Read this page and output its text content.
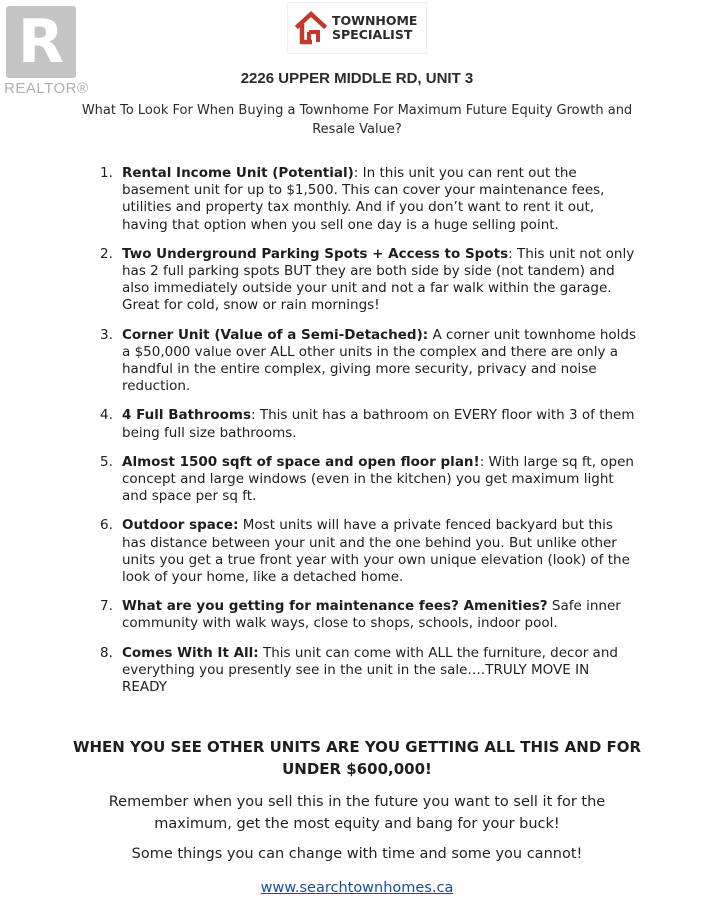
R
REALTOR®
TOWNHOME
SPECIALIST
2226 UPPER MIDDLE RD, UNIT 3
What To Look For When Buying a Townhome For Maximum Future Equity Growth and Resale Value?
1. Rental Income Unit (Potential): In this unit you can rent out the basement unit for up to $1,500. This can cover your maintenance fees, utilities and property tax monthly. And if you don’t want to rent it out, having that option when you sell one day is a huge selling point.
2. Two Underground Parking Spots + Access to Spots: This unit not only has 2 full parking spots BUT they are both side by side (not tandem) and also immediately outside your unit and not a far walk within the garage. Great for cold, snow or rain mornings!
3. Corner Unit (Value of a Semi-Detached): A corner unit townhome holds a $50,000 value over ALL other units in the complex and there are only a handful in the entire complex, giving more security, privacy and noise reduction.
4. 4 Full Bathrooms: This unit has a bathroom on EVERY floor with 3 of them being full size bathrooms.
5. Almost 1500 sqft of space and open floor plan!: With large sq ft, open concept and large windows (even in the kitchen) you get maximum light and space per sq ft.
6. Outdoor space: Most units will have a private fenced backyard but this has distance between your unit and the one behind you. But unlike other units you get a true front year with your own unique elevation (look) of the look of your home, like a detached home.
7. What are you getting for maintenance fees? Amenities? Safe inner community with walk ways, close to shops, schools, indoor pool.
8. Comes With It All: This unit can come with ALL the furniture, decor and everything you presently see in the unit in the sale….TRULY MOVE IN READY
WHEN YOU SEE OTHER UNITS ARE YOU GETTING ALL THIS AND FOR UNDER $600,000!
Remember when you sell this in the future you want to sell it for the maximum, get the most equity and bang for your buck!
Some things you can change with time and some you cannot!
www.searchtownhomes.ca
